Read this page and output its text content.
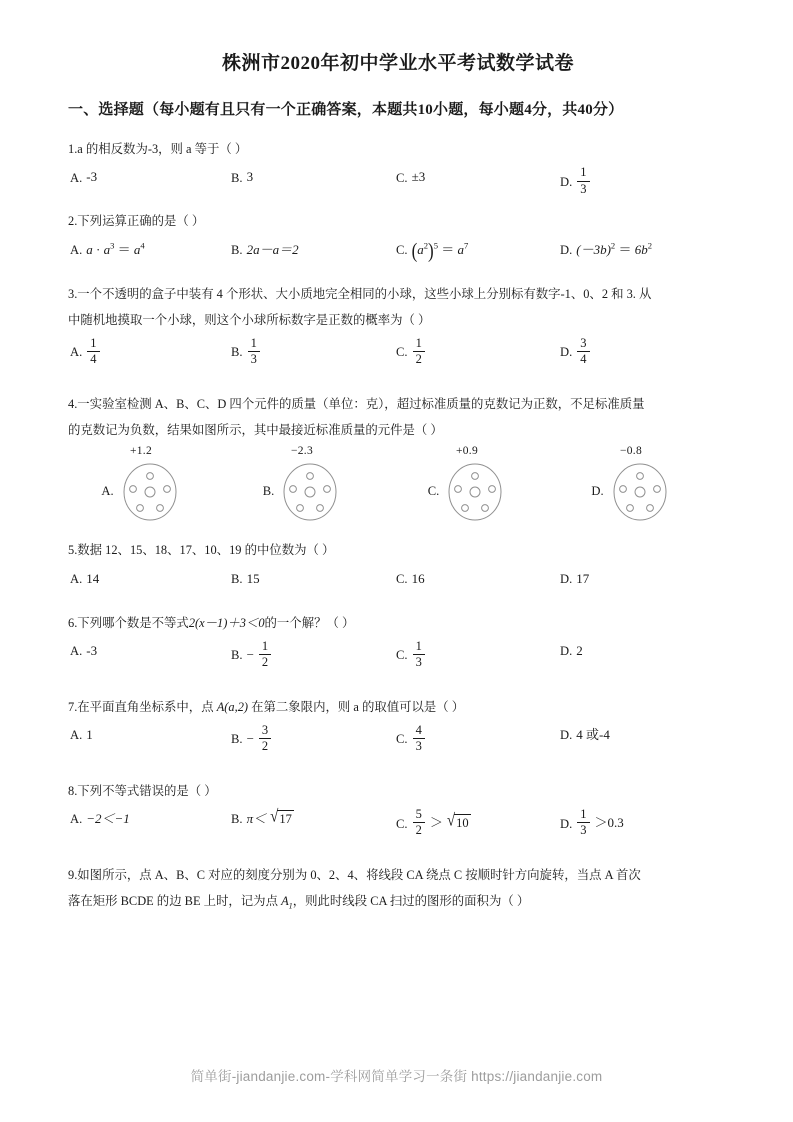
株洲市2020年初中学业水平考试数学试卷
一、选择题（每小题有且只有一个正确答案，本题共10小题，每小题4分，共40分）

1.a 的相反数为-3，则 a 等于（ ）

A. -3	B. 3	C. ±3	D. $\frac{1}{3}$

2.下列运算正确的是（ ）

A. $a \cdot a^3 = a^4$	B. 2a－a＝2	C. $(a^2)^5 = a^7$	D. $(-3b)^2 = 6b^2$

3.一个不透明的盒子中装有 4 个形状、大小质地完全相同的小球，这些小球上分别标有数字-1、0、2 和 3. 从

中随机地摸取一个小球，则这个小球所标数字是正数的概率为（ ）

A. $\frac{1}{4}$	B. $\frac{1}{3}$	C. $\frac{1}{2}$	D. $\frac{3}{4}$

4.一实验室检测 A、B、C、D 四个元件的质量（单位：克），超过标准质量的克数记为正数，不足标准质量

的克数记为负数，结果如图所示，其中最接近标准质量的元件是（ ）

+1.2
A.
−2.3
B.
+0.9
C.
−0.8
D.

5.数据 12、15、18、17、10、19 的中位数为（ ）

A. 14	B. 15	C. 16	D. 17

6.下列哪个数是不等式2(x－1)＋3＜0的一个解？（ ）

A. -3	B. − $\frac{1}{2}$	C. $\frac{1}{3}$	D. 2

7.在平面直角坐标系中，点 A(a,2) 在第二象限内，则 a 的取值可以是（ ）

A. 1	B. − $\frac{3}{2}$	C. $\frac{4}{3}$	D. 4 或-4

8.下列不等式错误的是（ ）

A. −2＜−1	B. π＜ √ 17	C. $\frac{5}{2}$ ＞ √ 10	D. $\frac{1}{3} >0.3$

9.如图所示，点 A、B、C 对应的刻度分别为 0、2、4、将线段 CA 绕点 C 按顺时针方向旋转，当点 A 首次

落在矩形 BCDE 的边 BE 上时，记为点 $A_1$，则此时线段 CA 扫过的图形的面积为（ ）

简单街-jiandanjie.com-学科网简单学习一条街 https://jiandanjie.com
